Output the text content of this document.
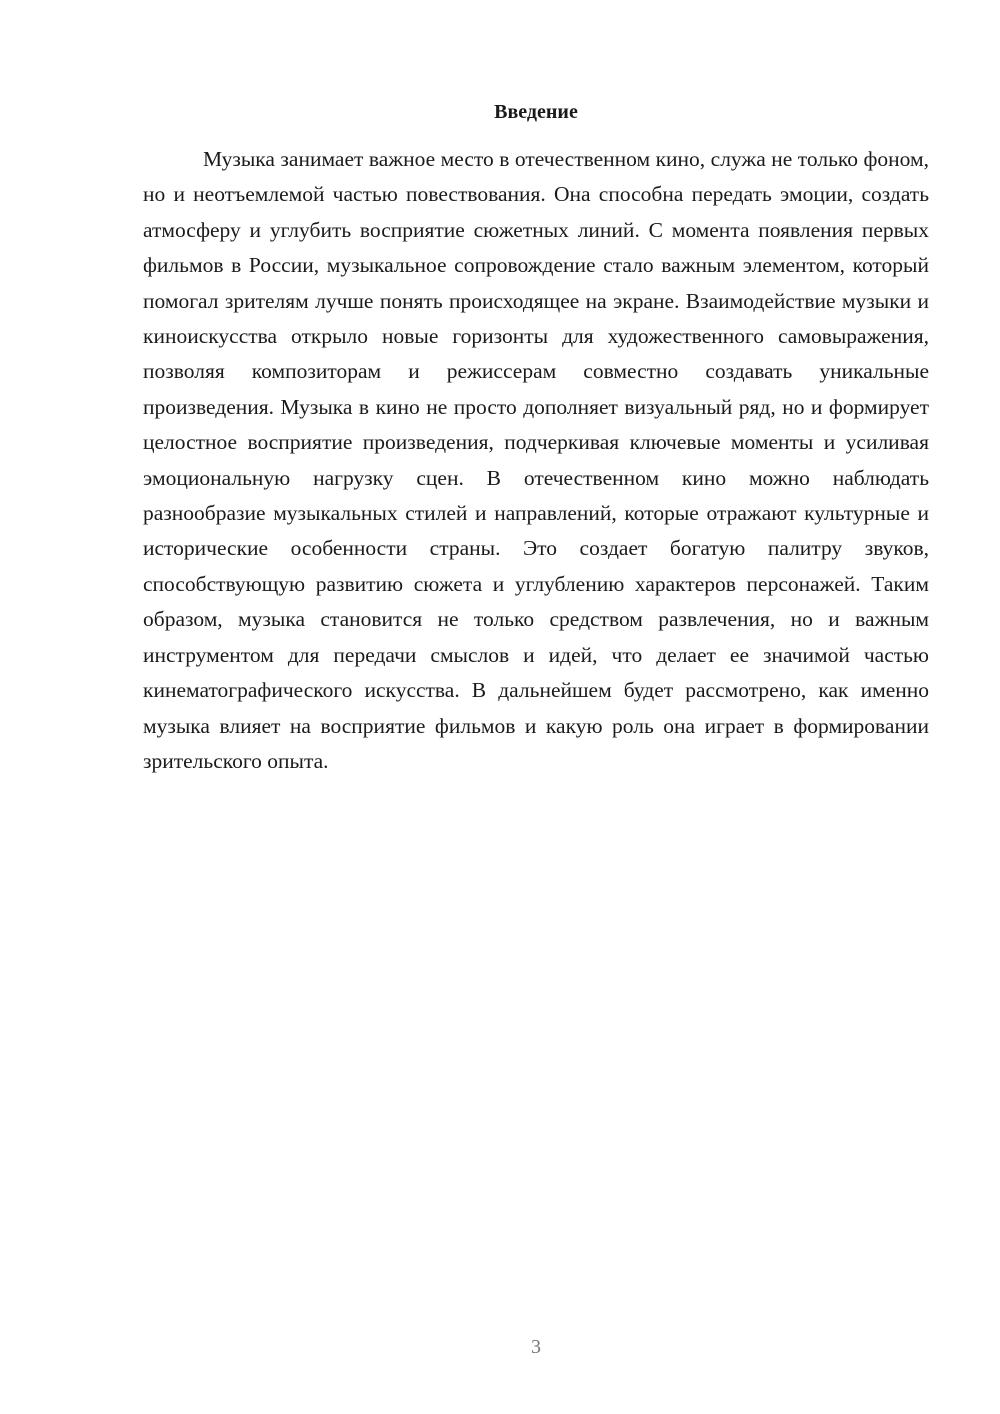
Введение

Музыка занимает важное место в отечественном кино, служа не только фоном, но и неотъемлемой частью повествования. Она способна передать эмоции, создать атмосферу и углубить восприятие сюжетных линий. С момента появления первых фильмов в России, музыкальное сопровождение стало важным элементом, который помогал зрителям лучше понять происходящее на экране. Взаимодействие музыки и киноискусства открыло новые горизонты для художественного самовыражения, позволяя композиторам и режиссерам совместно создавать уникальные произведения. Музыка в кино не просто дополняет визуальный ряд, но и формирует целостное восприятие произведения, подчеркивая ключевые моменты и усиливая эмоциональную нагрузку сцен. В отечественном кино можно наблюдать разнообразие музыкальных стилей и направлений, которые отражают культурные и исторические особенности страны. Это создает богатую палитру звуков, способствующую развитию сюжета и углублению характеров персонажей. Таким образом, музыка становится не только средством развлечения, но и важным инструментом для передачи смыслов и идей, что делает ее значимой частью кинематографического искусства. В дальнейшем будет рассмотрено, как именно музыка влияет на восприятие фильмов и какую роль она играет в формировании зрительского опыта.

3
